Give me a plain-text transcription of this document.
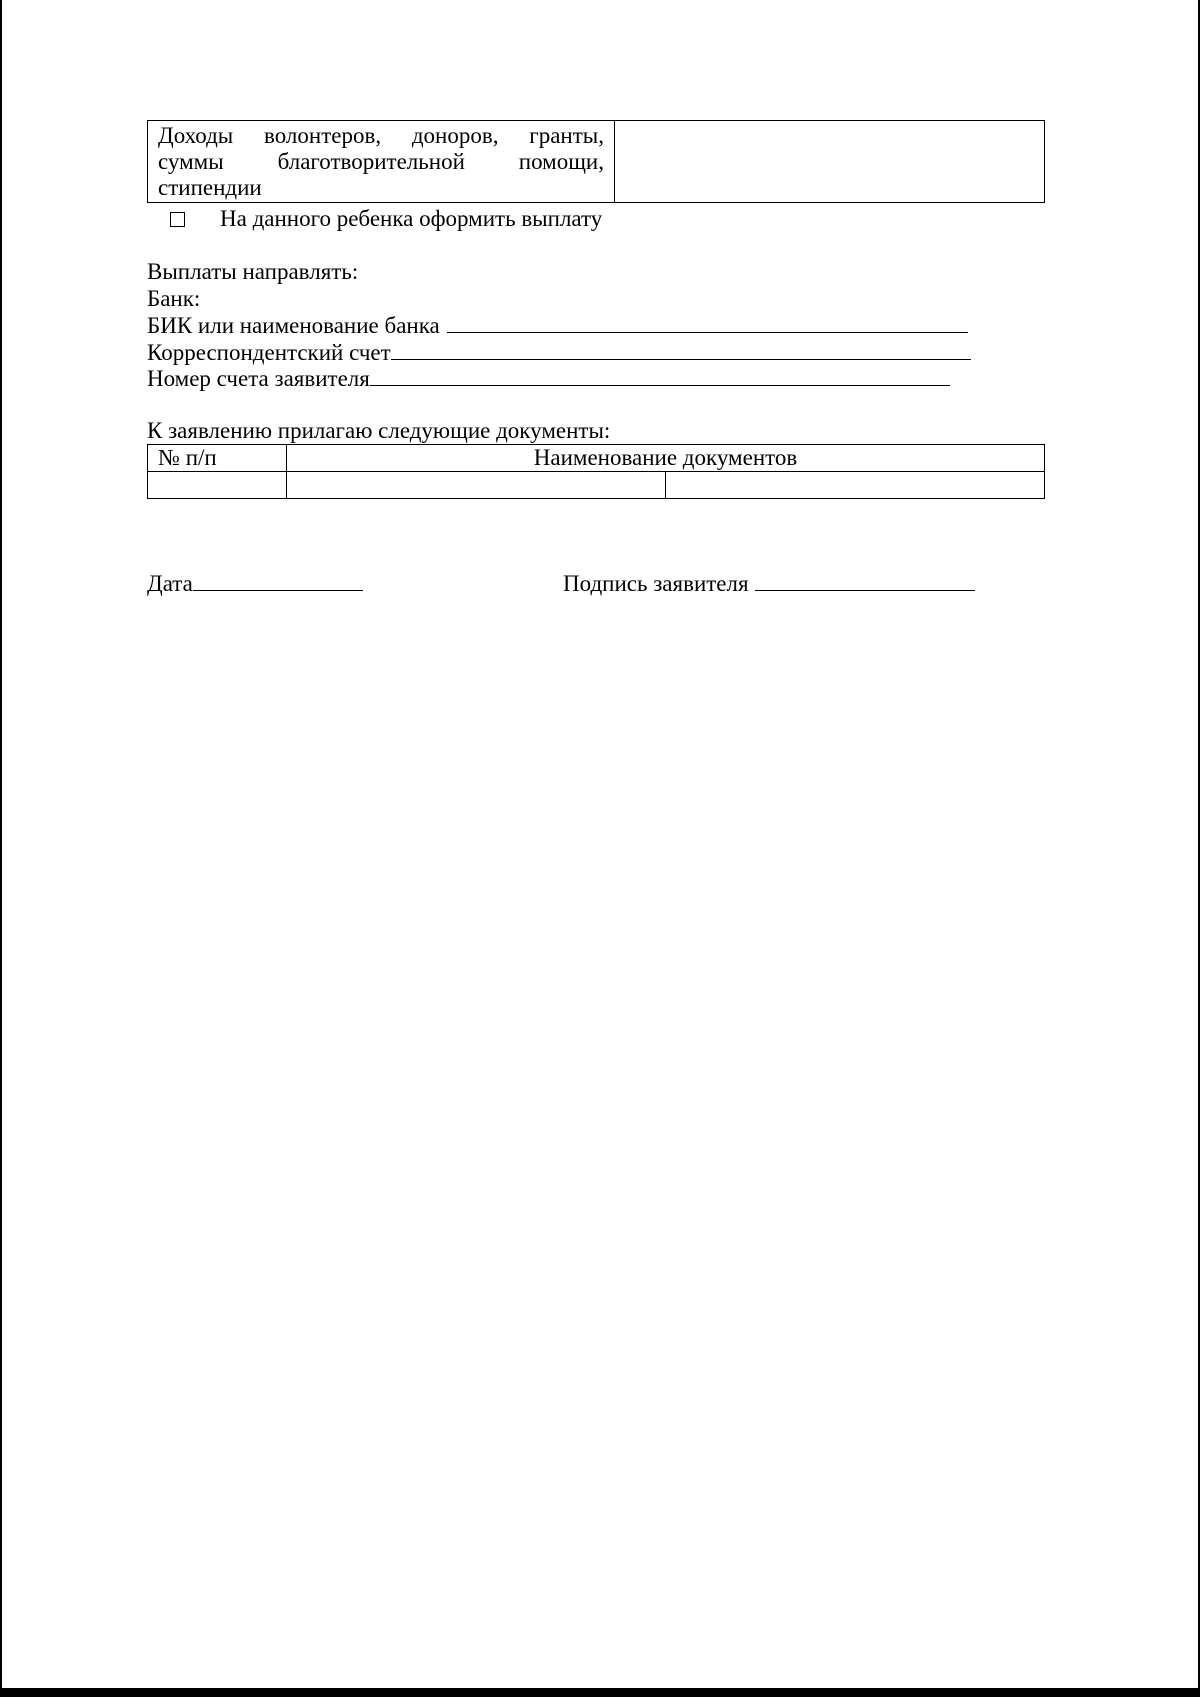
Доходы волонтеров, доноров, гранты,
суммы благотворительной помощи,
стипендии

На данного ребенка оформить выплату
Выплаты направлять:
Банк:
БИК или наименование банка
Корреспондентский счет
Номер счета заявителя
К заявлению прилагаю следующие документы:
№ п/п	Наименование документов	

Дата	Подпись заявителя
